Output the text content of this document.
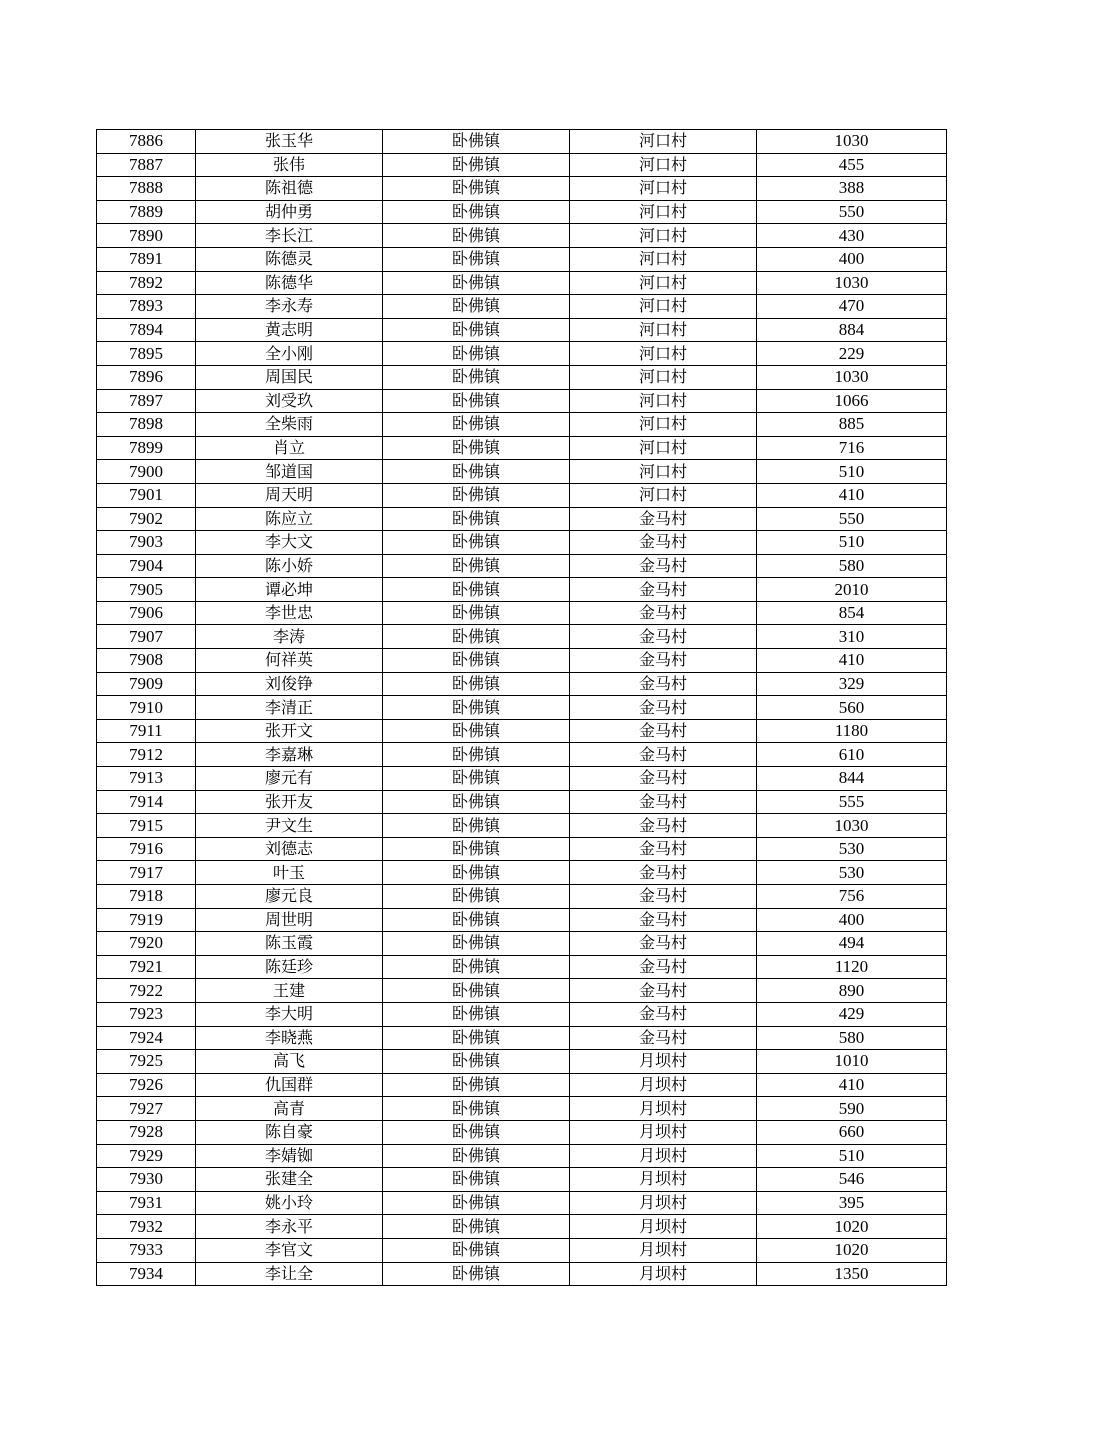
7886	张玉华	卧佛镇	河口村	1030
7887	张伟	卧佛镇	河口村	455
7888	陈祖德	卧佛镇	河口村	388
7889	胡仲勇	卧佛镇	河口村	550
7890	李长江	卧佛镇	河口村	430
7891	陈德灵	卧佛镇	河口村	400
7892	陈德华	卧佛镇	河口村	1030
7893	李永寿	卧佛镇	河口村	470
7894	黄志明	卧佛镇	河口村	884
7895	全小刚	卧佛镇	河口村	229
7896	周国民	卧佛镇	河口村	1030
7897	刘受玖	卧佛镇	河口村	1066
7898	全柴雨	卧佛镇	河口村	885
7899	肖立	卧佛镇	河口村	716
7900	邹道国	卧佛镇	河口村	510
7901	周天明	卧佛镇	河口村	410
7902	陈应立	卧佛镇	金马村	550
7903	李大文	卧佛镇	金马村	510
7904	陈小娇	卧佛镇	金马村	580
7905	谭必坤	卧佛镇	金马村	2010
7906	李世忠	卧佛镇	金马村	854
7907	李涛	卧佛镇	金马村	310
7908	何祥英	卧佛镇	金马村	410
7909	刘俊铮	卧佛镇	金马村	329
7910	李清正	卧佛镇	金马村	560
7911	张开文	卧佛镇	金马村	1180
7912	李嘉琳	卧佛镇	金马村	610
7913	廖元有	卧佛镇	金马村	844
7914	张开友	卧佛镇	金马村	555
7915	尹文生	卧佛镇	金马村	1030
7916	刘德志	卧佛镇	金马村	530
7917	叶玉	卧佛镇	金马村	530
7918	廖元良	卧佛镇	金马村	756
7919	周世明	卧佛镇	金马村	400
7920	陈玉霞	卧佛镇	金马村	494
7921	陈廷珍	卧佛镇	金马村	1120
7922	王建	卧佛镇	金马村	890
7923	李大明	卧佛镇	金马村	429
7924	李晓燕	卧佛镇	金马村	580
7925	高飞	卧佛镇	月坝村	1010
7926	仇国群	卧佛镇	月坝村	410
7927	高青	卧佛镇	月坝村	590
7928	陈自豪	卧佛镇	月坝村	660
7929	李婧铷	卧佛镇	月坝村	510
7930	张建全	卧佛镇	月坝村	546
7931	姚小玲	卧佛镇	月坝村	395
7932	李永平	卧佛镇	月坝村	1020
7933	李官文	卧佛镇	月坝村	1020
7934	李让全	卧佛镇	月坝村	1350
